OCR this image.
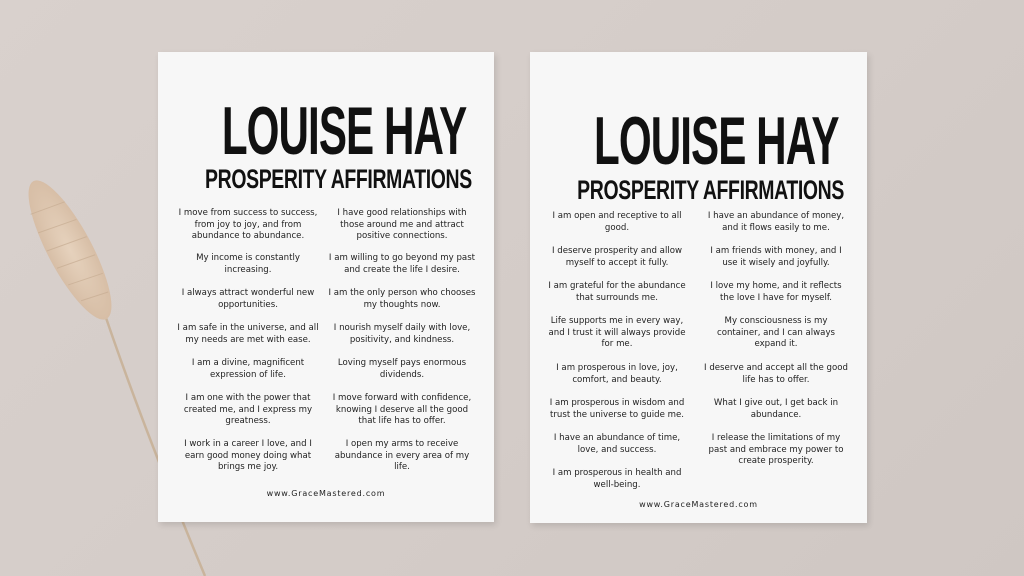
LOUISE HAY
PROSPERITY AFFIRMATIONS
I move from success to success, from joy to joy, and from abundance to abundance.
My income is constantly increasing.
I always attract wonderful new opportunities.
I am safe in the universe, and all my needs are met with ease.
I am a divine, magnificent expression of life.
I am one with the power that created me, and I express my greatness.
I work in a career I love, and I earn good money doing what brings me joy.
I have good relationships with those around me and attract positive connections.
I am willing to go beyond my past and create the life I desire.
I am the only person who chooses my thoughts now.
I nourish myself daily with love, positivity, and kindness.
Loving myself pays enormous dividends.
I move forward with confidence, knowing I deserve all the good that life has to offer.
I open my arms to receive abundance in every area of my life.
www.GraceMastered.com
LOUISE HAY
PROSPERITY AFFIRMATIONS
I am open and receptive to all good.
I deserve prosperity and allow myself to accept it fully.
I am grateful for the abundance that surrounds me.
Life supports me in every way, and I trust it will always provide for me.
I am prosperous in love, joy, comfort, and beauty.
I am prosperous in wisdom and trust the universe to guide me.
I have an abundance of time, love, and success.
I am prosperous in health and well-being.
I have an abundance of money, and it flows easily to me.
I am friends with money, and I use it wisely and joyfully.
I love my home, and it reflects the love I have for myself.
My consciousness is my container, and I can always expand it.
I deserve and accept all the good life has to offer.
What I give out, I get back in abundance.
I release the limitations of my past and embrace my power to create prosperity.
www.GraceMastered.com
